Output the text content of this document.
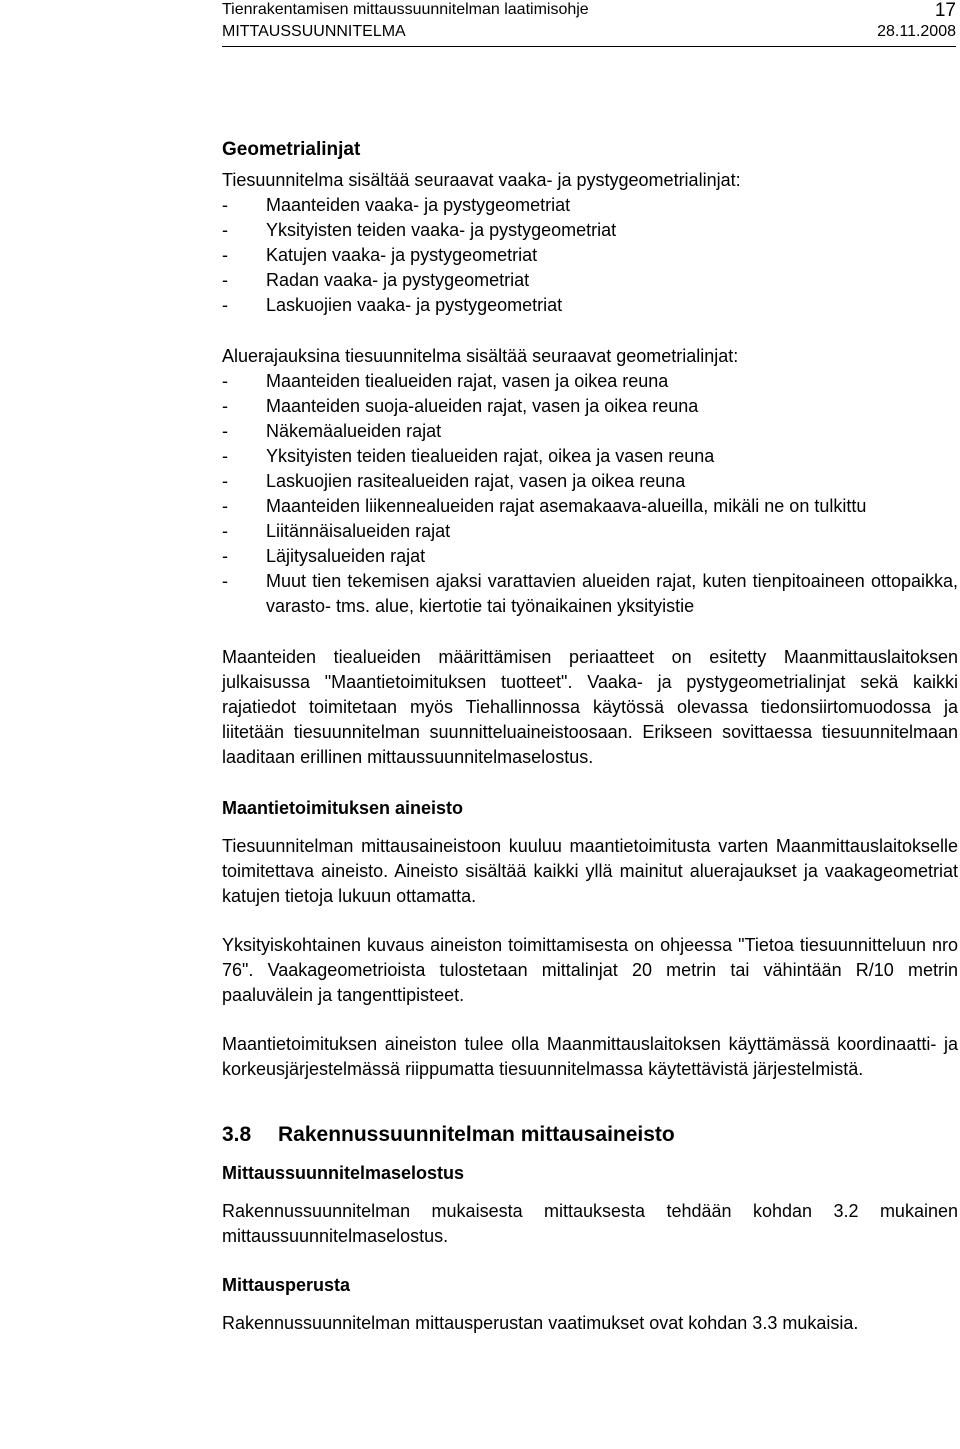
Tienrakentamisen mittaussuunnitelman laatimisohje
MITTAUSSUUNNITELMA
17
28.11.2008
Geometrialinjat

Tiesuunnitelma sisältää seuraavat vaaka- ja pystygeometrialinjat:

- Maanteiden vaaka- ja pystygeometriat
- Yksityisten teiden vaaka- ja pystygeometriat
- Katujen vaaka- ja pystygeometriat
- Radan vaaka- ja pystygeometriat
- Laskuojien vaaka- ja pystygeometriat

Aluerajauksina tiesuunnitelma sisältää seuraavat geometrialinjat:

- Maanteiden tiealueiden rajat, vasen ja oikea reuna
- Maanteiden suoja-alueiden rajat, vasen ja oikea reuna
- Näkemäalueiden rajat
- Yksityisten teiden tiealueiden rajat, oikea ja vasen reuna
- Laskuojien rasitealueiden rajat, vasen ja oikea reuna
- Maanteiden liikennealueiden rajat asemakaava-alueilla, mikäli ne on tulkittu
- Liitännäisalueiden rajat
- Läjitysalueiden rajat
- Muut tien tekemisen ajaksi varattavien alueiden rajat, kuten tienpitoaineen ottopaikka, varasto- tms. alue, kiertotie tai työnaikainen yksityistie

Maanteiden tiealueiden määrittämisen periaatteet on esitetty Maanmittauslaitoksen julkaisussa "Maantietoimituksen tuotteet". Vaaka- ja pystygeometrialinjat sekä kaikki rajatiedot toimitetaan myös Tiehallinnossa käytössä olevassa tiedonsiirtomuodossa ja liitetään tiesuunnitelman suunnitteluaineistoosaan. Erikseen sovittaessa tiesuunnitelmaan laaditaan erillinen mittaussuunnitelmaselostus.

Maantietoimituksen aineisto

Tiesuunnitelman mittausaineistoon kuuluu maantietoimitusta varten Maanmittauslaitokselle toimitettava aineisto. Aineisto sisältää kaikki yllä mainitut aluerajaukset ja vaakageometriat katujen tietoja lukuun ottamatta.

Yksityiskohtainen kuvaus aineiston toimittamisesta on ohjeessa "Tietoa tiesuunnitteluun nro 76". Vaakageometrioista tulostetaan mittalinjat 20 metrin tai vähintään R/10 metrin paaluvälein ja tangenttipisteet.

Maantietoimituksen aineiston tulee olla Maanmittauslaitoksen käyttämässä koordinaatti- ja korkeusjärjestelmässä riippumatta tiesuunnitelmassa käytettävistä järjestelmistä.

3.8 Rakennussuunnitelman mittausaineisto

Mittaussuunnitelmaselostus

Rakennussuunnitelman mukaisesta mittauksesta tehdään kohdan 3.2 mukainen mittaussuunnitelmaselostus.

Mittausperusta

Rakennussuunnitelman mittausperustan vaatimukset ovat kohdan 3.3 mukaisia.
